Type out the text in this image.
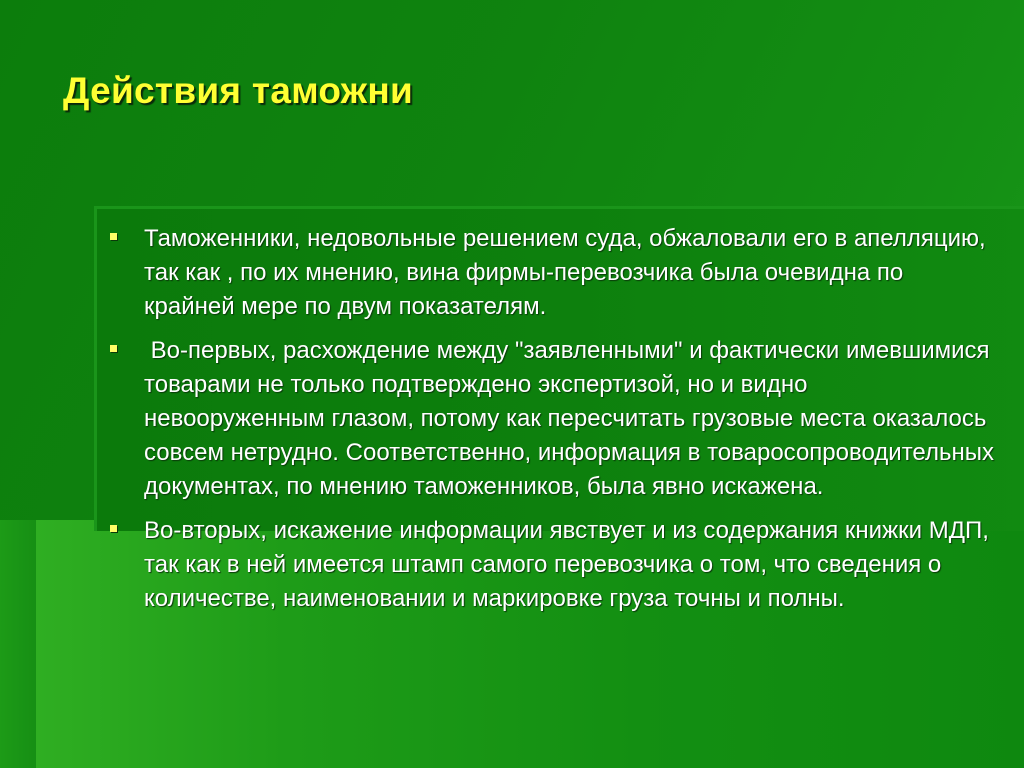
Действия таможни

Таможенники, недовольные решением суда, обжаловали его в апелляцию, так как , по их мнению, вина фирмы-перевозчика была очевидна по крайней мере по двум показателям.

Во-первых, расхождение между "заявленными" и фактически имевшимися товарами не только подтверждено экспертизой, но и видно невооруженным глазом, потому как пересчитать грузовые места оказалось совсем нетрудно. Соответственно, информация в товаросопроводительных документах, по мнению таможенников, была явно искажена.

Во-вторых, искажение информации явствует и из содержания книжки МДП, так как в ней имеется штамп самого перевозчика о том, что сведения о количестве, наименовании и маркировке груза точны и полны.
